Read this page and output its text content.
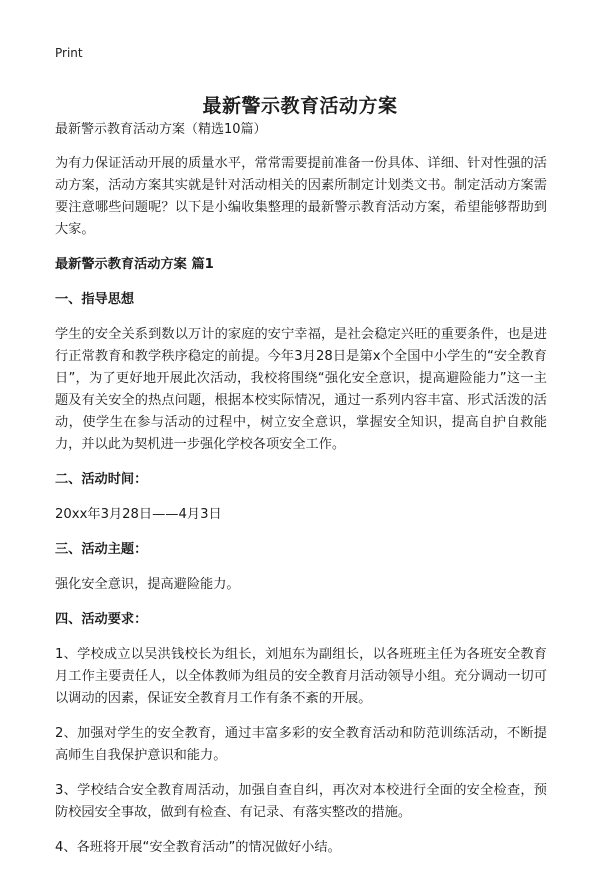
Print
最新警示教育活动方案

最新警示教育活动方案（精选10篇）

为有力保证活动开展的质量水平，常常需要提前准备一份具体、详细、针对性强的活动方案，活动方案其实就是针对活动相关的因素所制定计划类文书。制定活动方案需要注意哪些问题呢？以下是小编收集整理的最新警示教育活动方案，希望能够帮助到大家。

最新警示教育活动方案 篇1
一、指导思想

学生的安全关系到数以万计的家庭的安宁幸福，是社会稳定兴旺的重要条件，也是进行正常教育和教学秩序稳定的前提。今年3月28日是第x个全国中小学生的“安全教育日”，为了更好地开展此次活动，我校将围绕“强化安全意识，提高避险能力”这一主题及有关安全的热点问题，根据本校实际情况，通过一系列内容丰富、形式活泼的活动，使学生在参与活动的过程中，树立安全意识，掌握安全知识，提高自护自救能力，并以此为契机进一步强化学校各项安全工作。

二、活动时间：

20xx年3月28日——4月3日

三、活动主题：

强化安全意识，提高避险能力。

四、活动要求：

1、学校成立以吴洪钱校长为组长，刘旭东为副组长，以各班班主任为各班安全教育月工作主要责任人，以全体教师为组员的安全教育月活动领导小组。充分调动一切可以调动的因素，保证安全教育月工作有条不紊的开展。

2、加强对学生的安全教育，通过丰富多彩的安全教育活动和防范训练活动，不断提高师生自我保护意识和能力。

3、学校结合安全教育周活动，加强自查自纠，再次对本校进行全面的安全检查，预防校园安全事故，做到有检查、有记录、有落实整改的措施。

4、各班将开展“安全教育活动”的情况做好小结。
